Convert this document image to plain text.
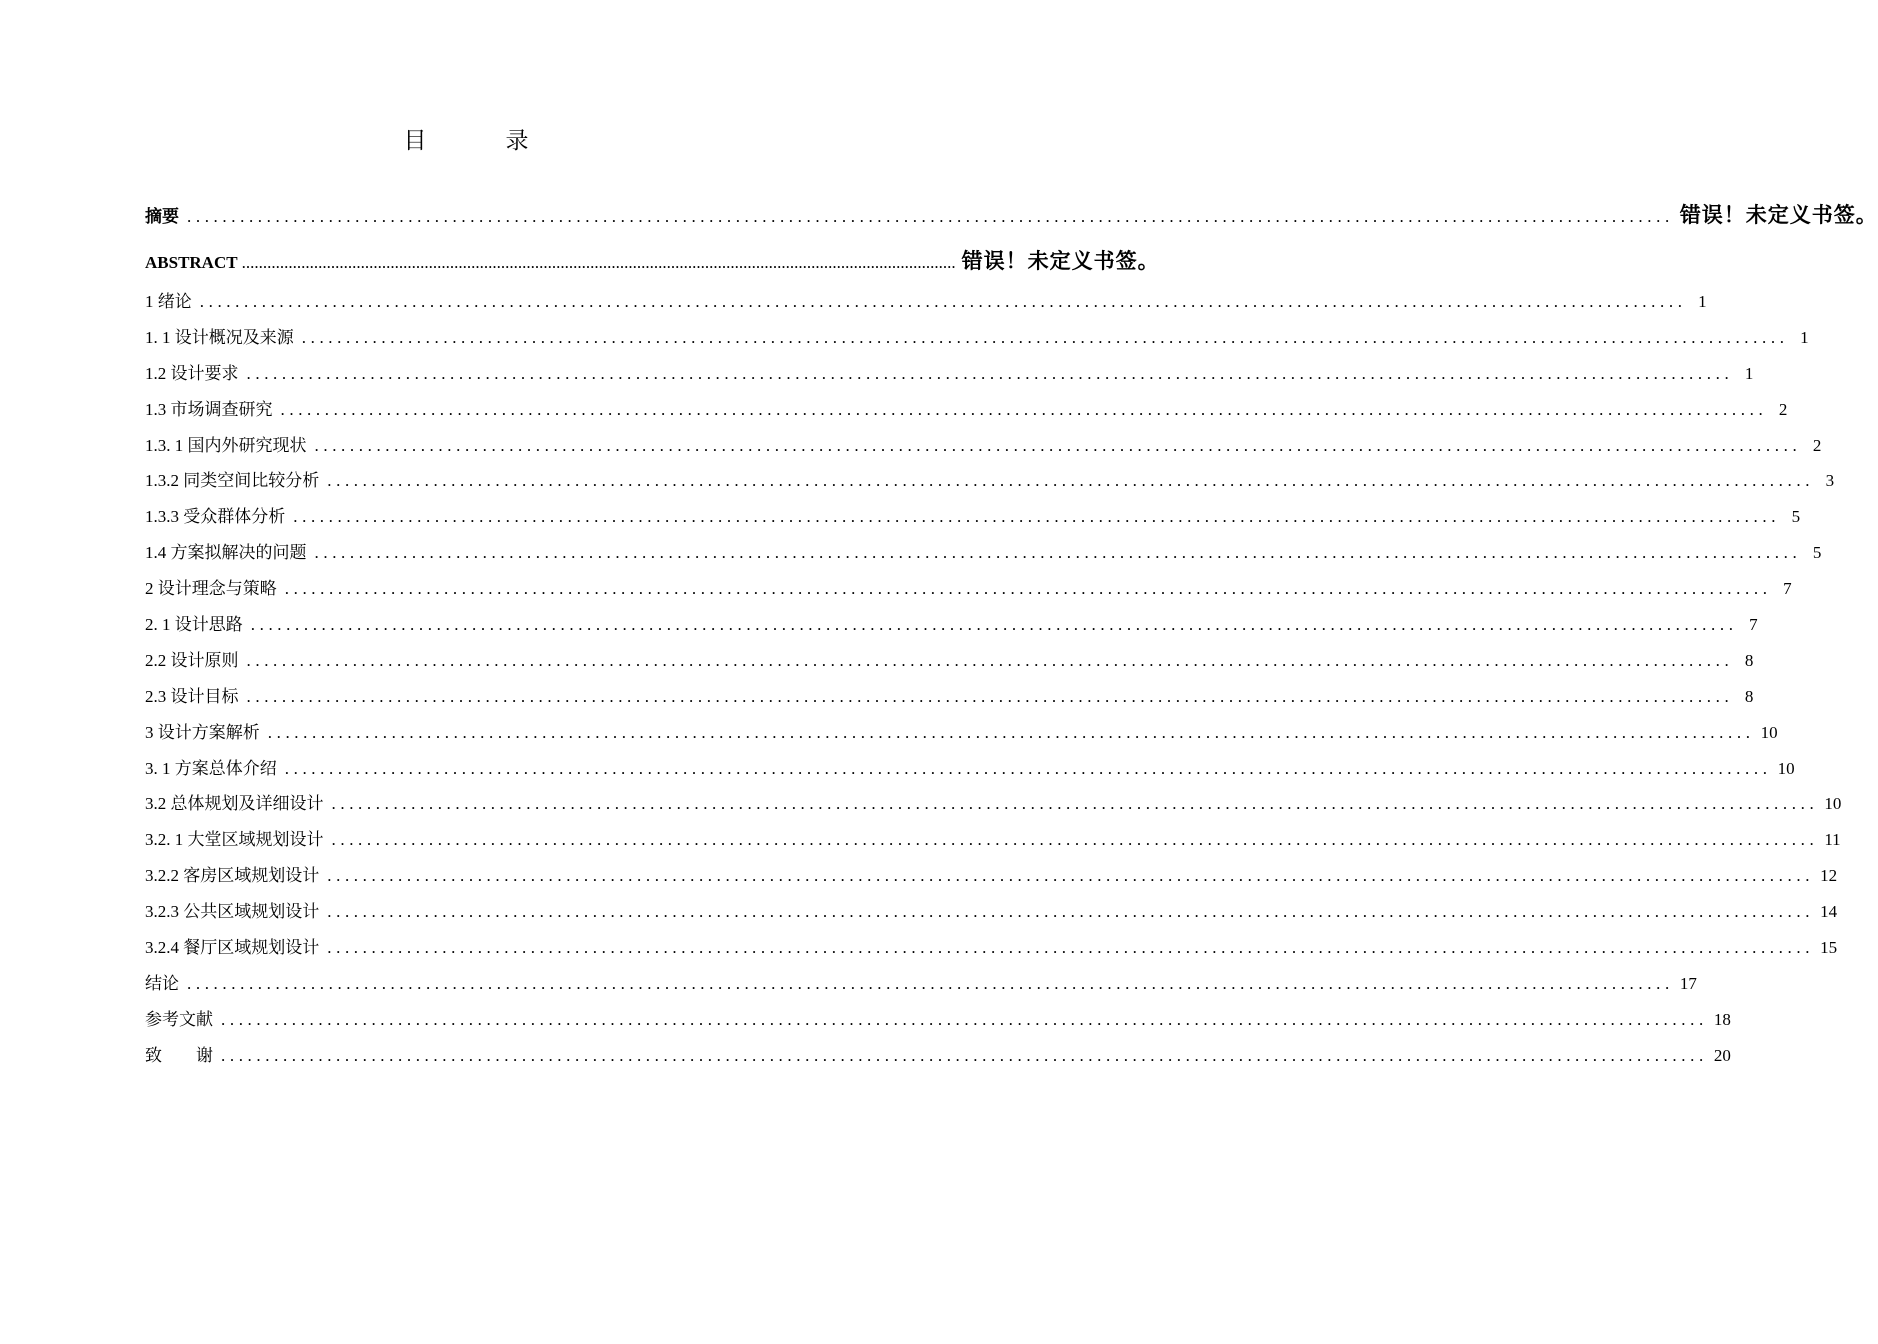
目　录
摘要 ........................................................................................................................................................................ 错误！未定义书签。
ABSTRACT ........................................................................................................................................................................ 错误！未定义书签。
1 绪论 ........................................................................................................................................................................ 1
1. 1 设计概况及来源 ........................................................................................................................................................................ 1
1.2 设计要求 ........................................................................................................................................................................ 1
1.3 市场调查研究 ........................................................................................................................................................................ 2
1.3. 1 国内外研究现状 ........................................................................................................................................................................ 2
1.3.2 同类空间比较分析 ........................................................................................................................................................................ 3
1.3.3 受众群体分析 ........................................................................................................................................................................ 5
1.4 方案拟解决的问题 ........................................................................................................................................................................ 5
2 设计理念与策略 ........................................................................................................................................................................ 7
2. 1 设计思路 ........................................................................................................................................................................ 7
2.2 设计原则 ........................................................................................................................................................................ 8
2.3 设计目标 ........................................................................................................................................................................ 8
3 设计方案解析 ........................................................................................................................................................................ 10
3. 1 方案总体介绍 ........................................................................................................................................................................ 10
3.2 总体规划及详细设计 ........................................................................................................................................................................ 10
3.2. 1 大堂区域规划设计 ........................................................................................................................................................................ 11
3.2.2 客房区域规划设计 ........................................................................................................................................................................ 12
3.2.3 公共区域规划设计 ........................................................................................................................................................................ 14
3.2.4 餐厅区域规划设计 ........................................................................................................................................................................ 15
结论 ........................................................................................................................................................................ 17
参考文献 ........................................................................................................................................................................ 18
致　　谢 ........................................................................................................................................................................ 20
